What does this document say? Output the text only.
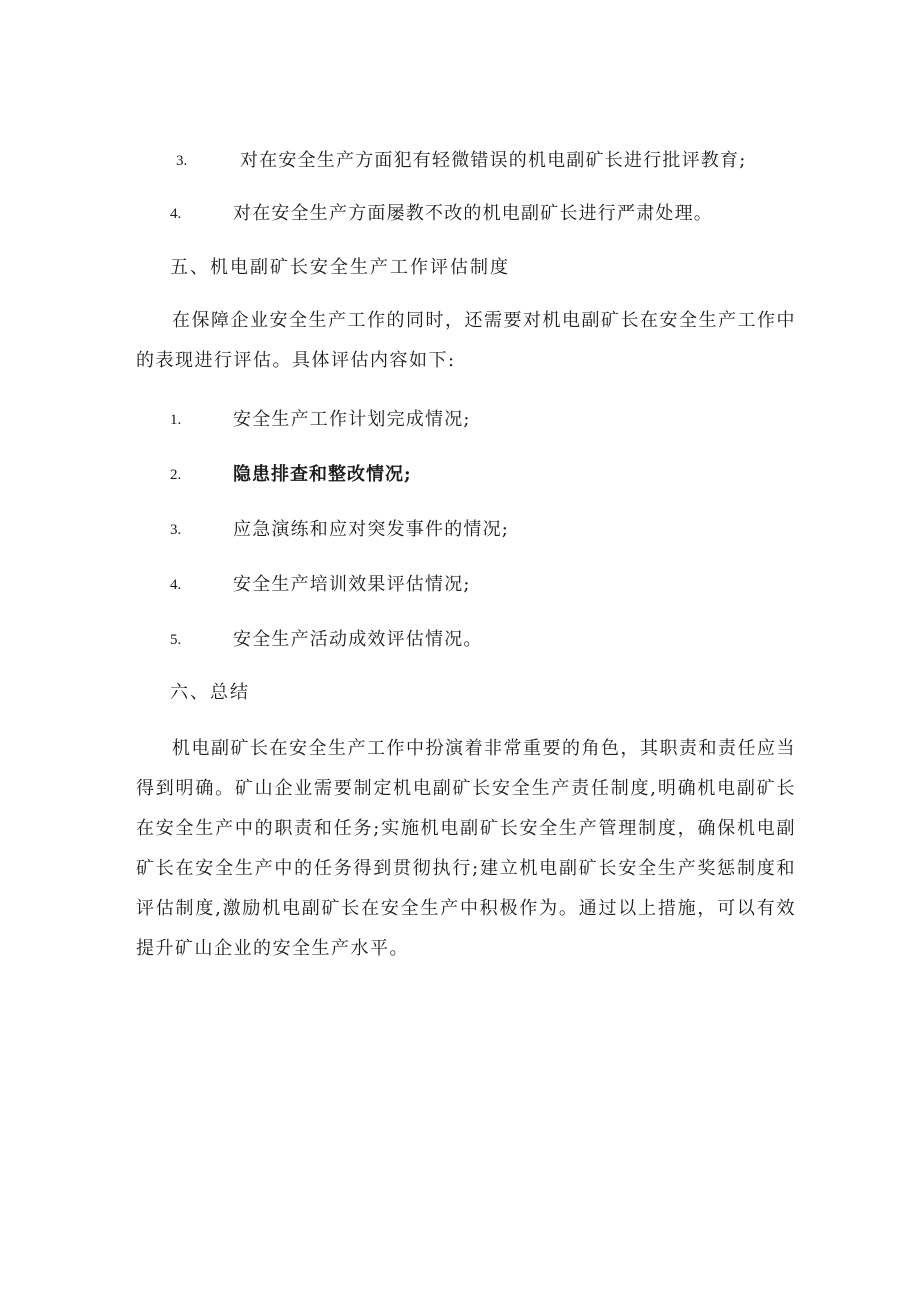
3.	对在安全生产方面犯有轻微错误的机电副矿长进行批评教育;
4.	对在安全生产方面屡教不改的机电副矿长进行严肃处理。
五、机电副矿长安全生产工作评估制度
在保障企业安全生产工作的同时，还需要对机电副矿长在安全生产工作中的表现进行评估。具体评估内容如下:
1.	安全生产工作计划完成情况;
2.	隐患排查和整改情况;
3.	应急演练和应对突发事件的情况;
4.	安全生产培训效果评估情况;
5.	安全生产活动成效评估情况。
六、总结
机电副矿长在安全生产工作中扮演着非常重要的角色，其职责和责任应当得到明确。矿山企业需要制定机电副矿长安全生产责任制度,明确机电副矿长在安全生产中的职责和任务;实施机电副矿长安全生产管理制度，确保机电副矿长在安全生产中的任务得到贯彻执行;建立机电副矿长安全生产奖惩制度和评估制度,激励机电副矿长在安全生产中积极作为。通过以上措施，可以有效提升矿山企业的安全生产水平。
